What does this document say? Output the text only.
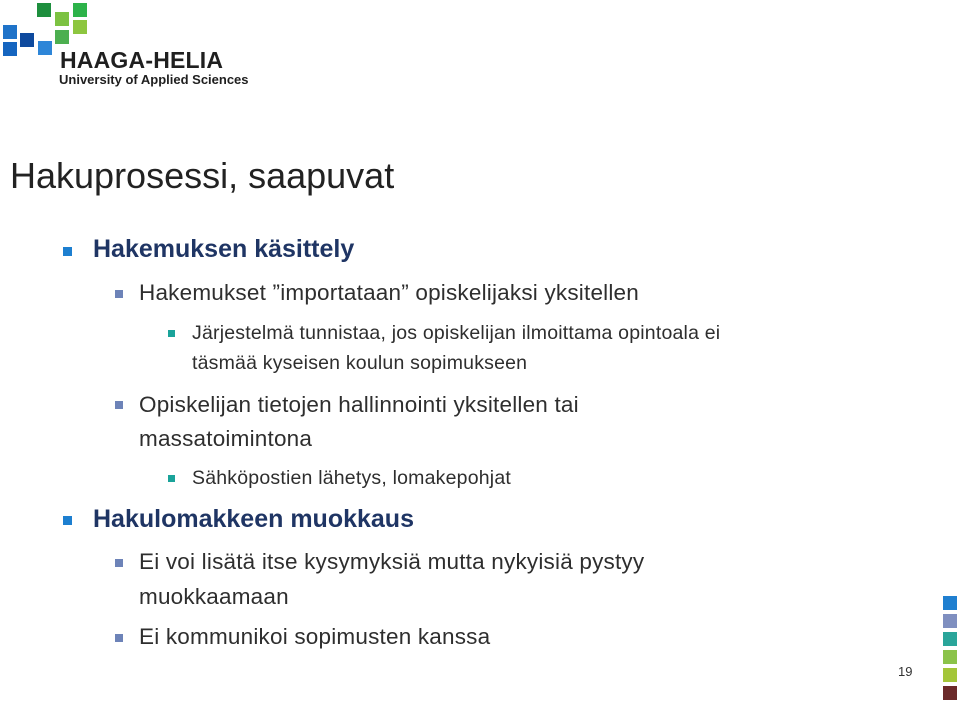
HAAGA-HELIA
University of Applied Sciences
Hakuprosessi, saapuvat
Hakemuksen käsittely
Hakemukset ”importataan” opiskelijaksi yksitellen
Järjestelmä tunnistaa, jos opiskelijan ilmoittama opintoala ei
täsmää kyseisen koulun sopimukseen
Opiskelijan tietojen hallinnointi yksitellen tai
massatoimintona
Sähköpostien lähetys, lomakepohjat
Hakulomakkeen muokkaus
Ei voi lisätä itse kysymyksiä mutta nykyisiä pystyy
muokkaamaan
Ei kommunikoi sopimusten kanssa
19
